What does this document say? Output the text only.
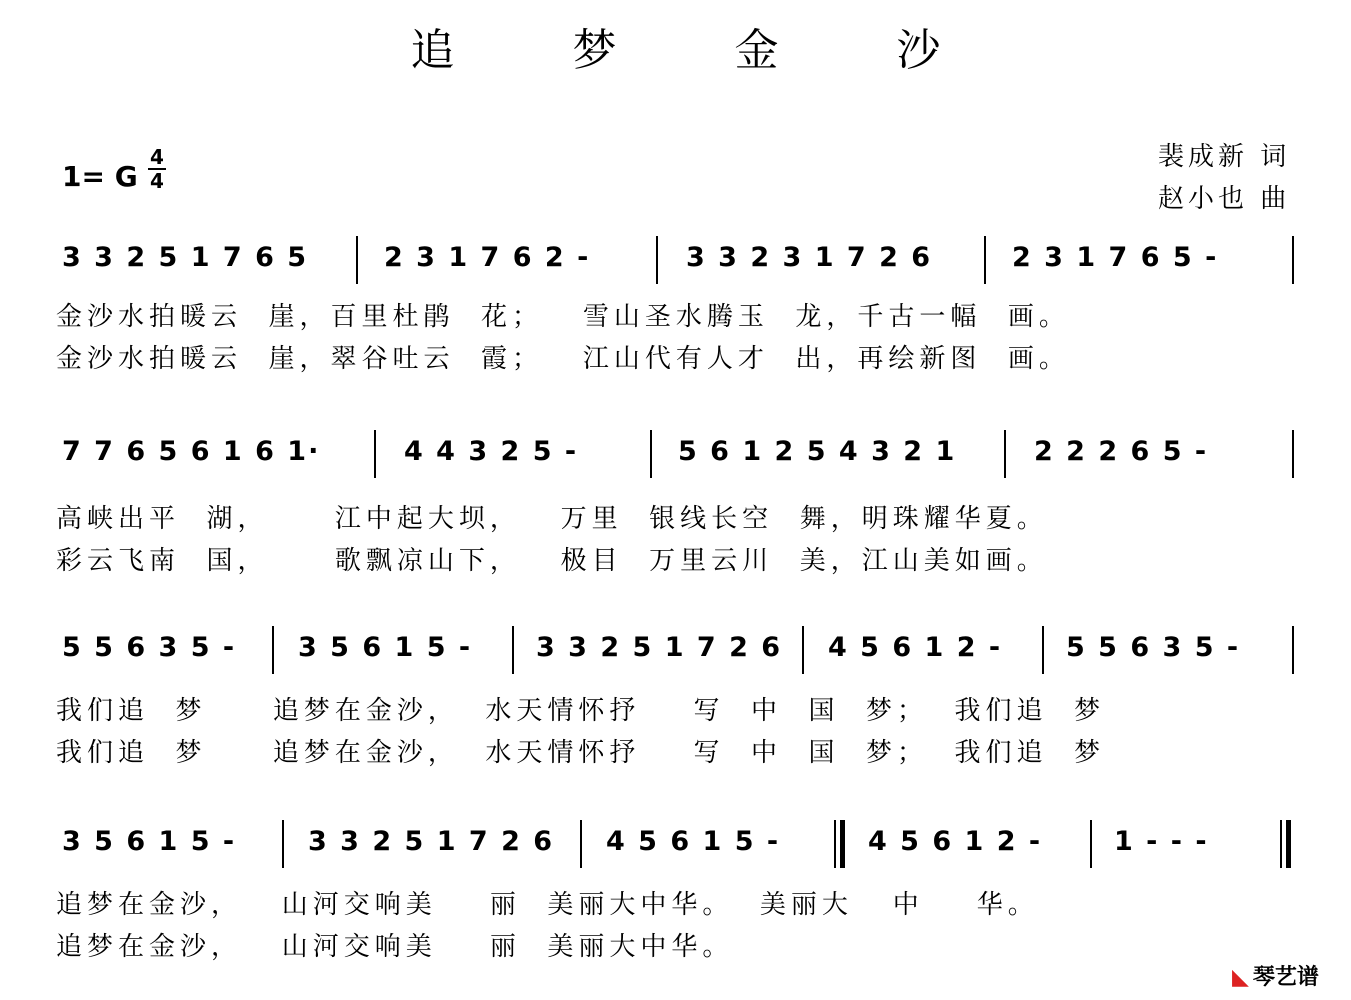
追 梦 金 沙
裴成新 词
赵小也 曲
1= G
4
4
3 3 2 5 1 7 6 5	2 3 1 7 6 2 -	3 3 2 3 1 7 2 6	2 3 1 7 6 5 -
金沙水拍暖云  崖，百里杜鹃  花；   雪山圣水腾玉  龙，千古一幅  画。
金沙水拍暖云  崖，翠谷吐云  霞；   江山代有人才  出，再绘新图  画。
7 7 6 5 6 1 6 1·	4 4 3 2 5 -	5 6 1 2 5 4 3 2 1	2 2 2 6 5 -
高峡出平  湖，     江中起大坝，   万里  银线长空  舞，明珠耀华夏。
彩云飞南  国，     歌飘凉山下，   极目  万里云川  美，江山美如画。
5 5 6 3 5 - 3 5 6 1 5 - 3 3 2 5 1 7 2 6 4 5 6 1 2 - 5 5 6 3 5 -
我们追  梦     追梦在金沙，  水天情怀抒    写  中  国  梦；  我们追  梦
我们追  梦     追梦在金沙，  水天情怀抒    写  中  国  梦；  我们追  梦
3 5 6 1 5 -	3 3 2 5 1 7 2 6 4 5 6 1 5 -	4 5 6 1 2 -	1 - - -
追梦在金沙，   山河交响美    丽  美丽大中华。  美丽大   中    华。
追梦在金沙，   山河交响美    丽  美丽大中华。
◣ 琴艺谱
